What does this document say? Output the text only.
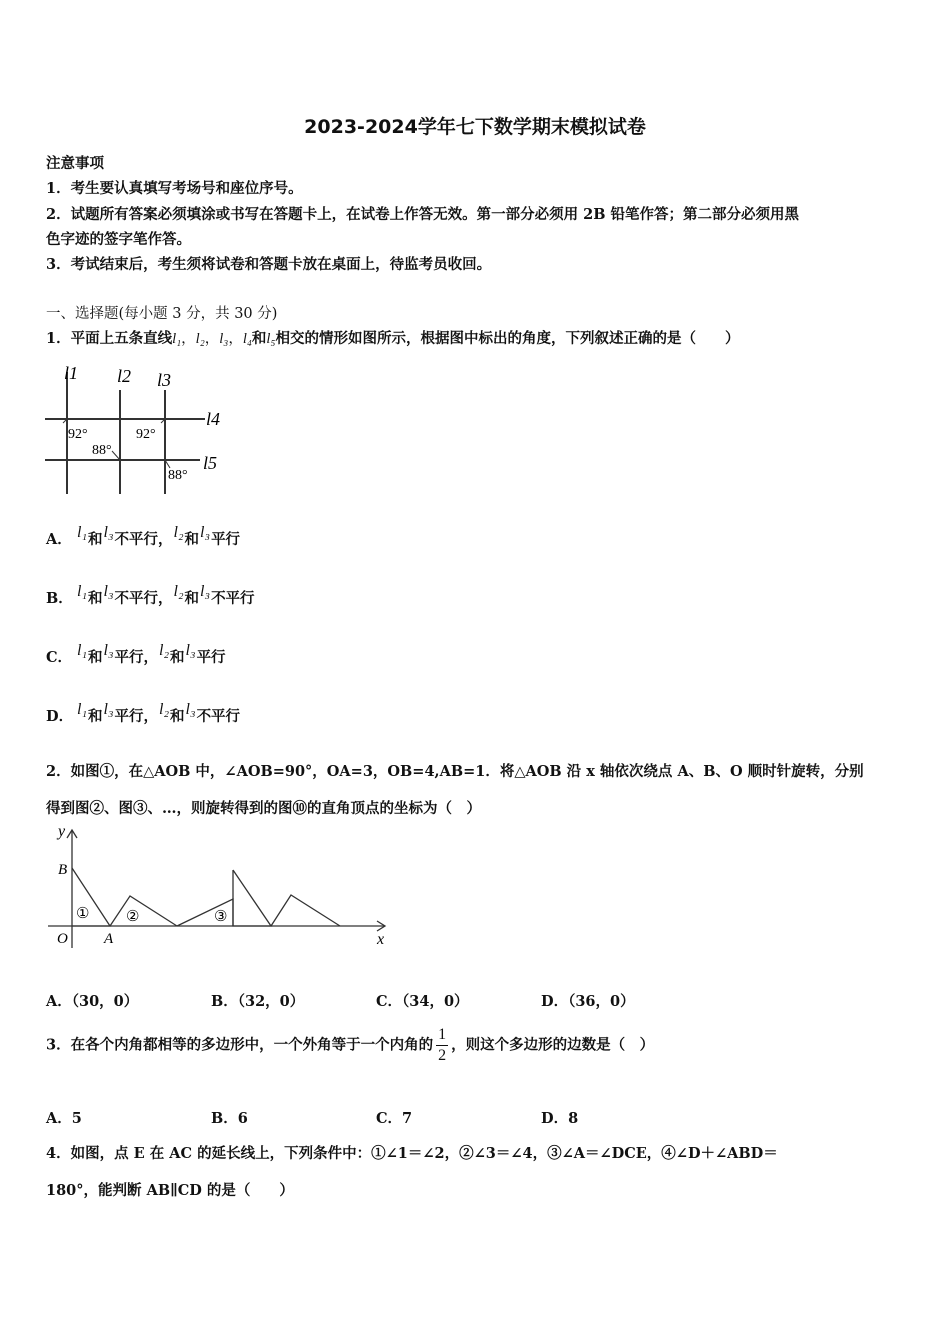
2023-2024学年七下数学期末模拟试卷
注意事项
1．考生要认真填写考场号和座位序号。
2．试题所有答案必须填涂或书写在答题卡上，在试卷上作答无效。第一部分必须用 2B 铅笔作答；第二部分必须用黑
色字迹的签字笔作答。
3．考试结束后，考生须将试卷和答题卡放在桌面上，待监考员收回。
一、选择题(每小题 3 分，共 30 分)
1．平面上五条直线l₁，l₂，l₃，l₄和l₅相交的情形如图所示，根据图中标出的角度，下列叙述正确的是（　　）
l1 l2 l3
l4
l5
92°
88°
92°
88°
A． l₁和l₃不平行，l₂和l₃平行
B． l₁和l₃不平行，l₂和l₃不平行
C． l₁和l₃平行，l₂和l₃平行
D． l₁和l₃平行，l₂和l₃不平行
2．如图①，在△AOB 中，∠AOB=90°，OA=3，OB=4,AB=1．将△AOB 沿 x 轴依次绕点 A、B、O 顺时针旋转，分别
得到图②、图③、…，则旋转得到的图⑩的直角顶点的坐标为（　）
y
x
B
O A
① ②	③
A．（30，0）	B．（32，0）	C．（34，0）	D．（36，0）
3．在各个内角都相等的多边形中，一个外角等于一个内角的 $\frac{1}{2}$ ，则这个多边形的边数是（　）
A．5	B．6	C．7	D．8
4．如图，点 E 在 AC 的延长线上，下列条件中：①∠1＝∠2，②∠3＝∠4，③∠A＝∠DCE，④∠D＋∠ABD＝
180°，能判断 AB∥CD 的是（　　）
